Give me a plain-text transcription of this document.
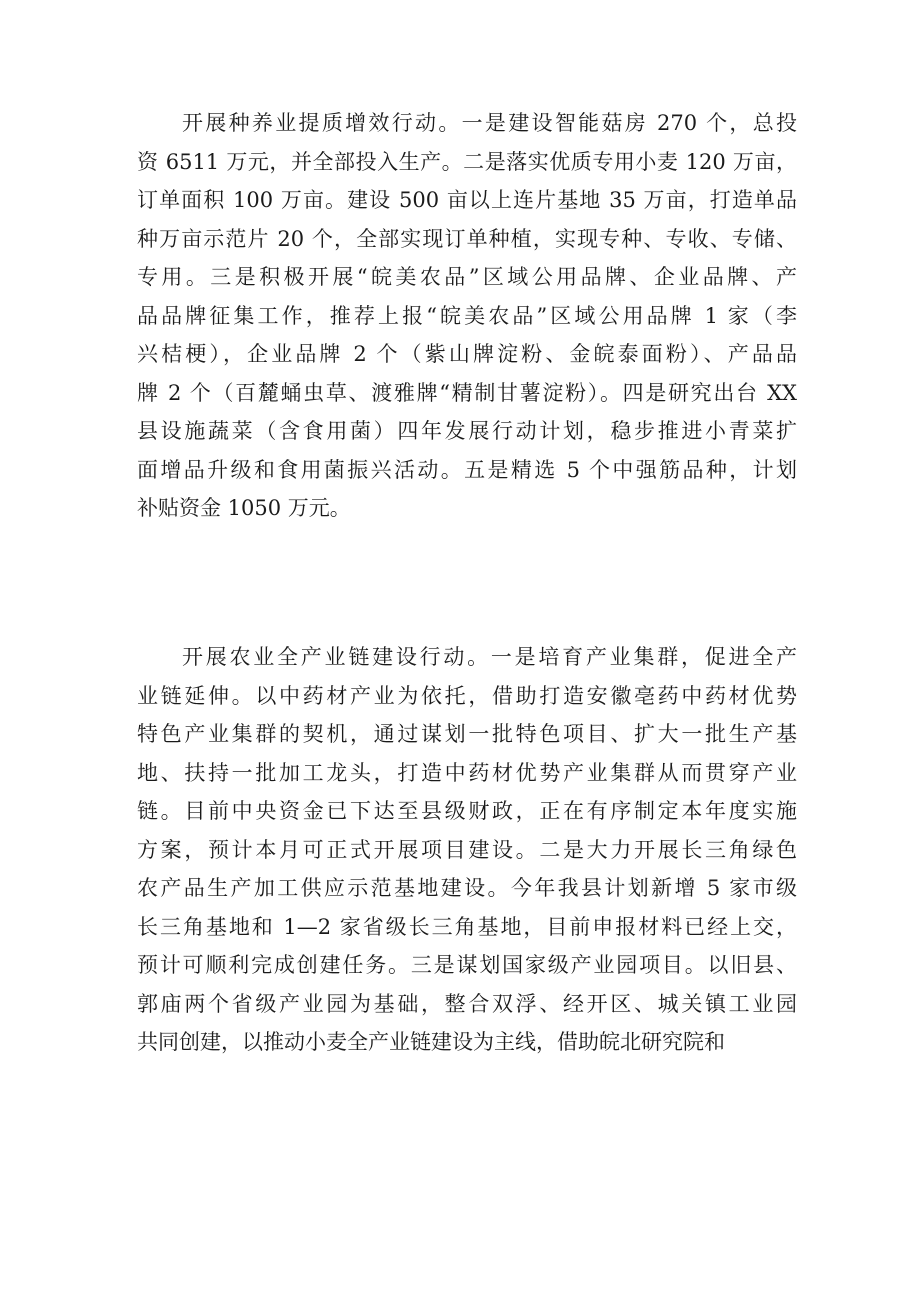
开展种养业提质增效行动。一是建设智能菇房 270 个，总投
资 6511 万元，并全部投入生产。二是落实优质专用小麦 120 万亩，
订单面积 100 万亩。建设 500 亩以上连片基地 35 万亩，打造单品
种万亩示范片 20 个，全部实现订单种植，实现专种、专收、专储、
专用。三是积极开展“皖美农品”区域公用品牌、企业品牌、产
品品牌征集工作，推荐上报“皖美农品”区域公用品牌 1 家（李
兴桔梗），企业品牌 2 个（紫山牌淀粉、金皖泰面粉）、产品品
牌 2 个（百麓蛹虫草、渡雅牌“精制甘薯淀粉）。四是研究出台 XX
县设施蔬菜（含食用菌）四年发展行动计划，稳步推进小青菜扩
面增品升级和食用菌振兴活动。五是精选 5 个中强筋品种，计划
补贴资金 1050 万元。
开展农业全产业链建设行动。一是培育产业集群，促进全产
业链延伸。以中药材产业为依托，借助打造安徽亳药中药材优势
特色产业集群的契机，通过谋划一批特色项目、扩大一批生产基
地、扶持一批加工龙头，打造中药材优势产业集群从而贯穿产业
链。目前中央资金已下达至县级财政，正在有序制定本年度实施
方案，预计本月可正式开展项目建设。二是大力开展长三角绿色
农产品生产加工供应示范基地建设。今年我县计划新增 5 家市级
长三角基地和 1—2 家省级长三角基地，目前申报材料已经上交，
预计可顺利完成创建任务。三是谋划国家级产业园项目。以旧县、
郭庙两个省级产业园为基础，整合双浮、经开区、城关镇工业园
共同创建，以推动小麦全产业链建设为主线，借助皖北研究院和
